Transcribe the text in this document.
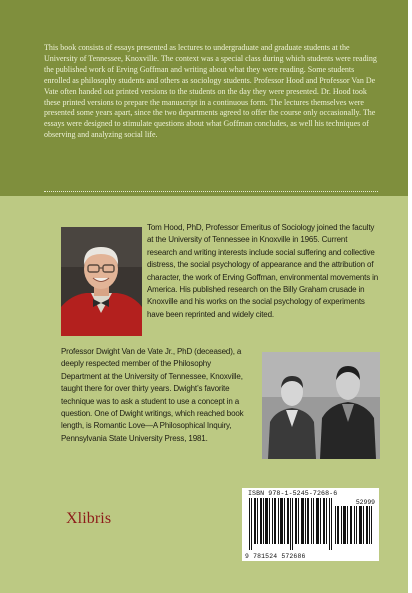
This book consists of essays presented as lectures to undergraduate and graduate students at the University of Tennessee, Knoxville. The context was a special class during which students were reading the published work of Erving Goffman and writing about what they were reading. Some students enrolled as philosophy students and others as sociology students. Professor Hood and Professor Van De Vate often handed out printed versions to the students on the day they were presented. Dr. Hood took these printed versions to prepare the manuscript in a continuous form. The lectures themselves were presented some years apart, since the two departments agreed to offer the course only occasionally. The essays were designed to stimulate questions about what Goffman concludes, as well his techniques of observing and analyzing social life.

Tom Hood, PhD, Professor Emeritus of Sociology joined the faculty at the University of Tennessee in Knoxville in 1965. Current research and writing interests include social suffering and collective distress, the social psychology of appearance and the attribution of character, the work of Erving Goffman, environmental movements in America. His published research on the Billy Graham crusade in Knoxville and his works on the social psychology of experiments have been reprinted and widely cited.

Professor Dwight Van de Vate Jr., PhD (deceased), a deeply respected member of the Philosophy Department at the University of Tennessee, Knoxville, taught there for over thirty years. Dwight’s favorite technique was to ask a student to use a concept in a question. One of Dwight writings, which reached book length, is Romantic Love—A Philosophical Inquiry, Pennsylvania State University Press, 1981.

Xlibris
ISBN 978-1-5245-7268-6
52999
9 781524 572686
